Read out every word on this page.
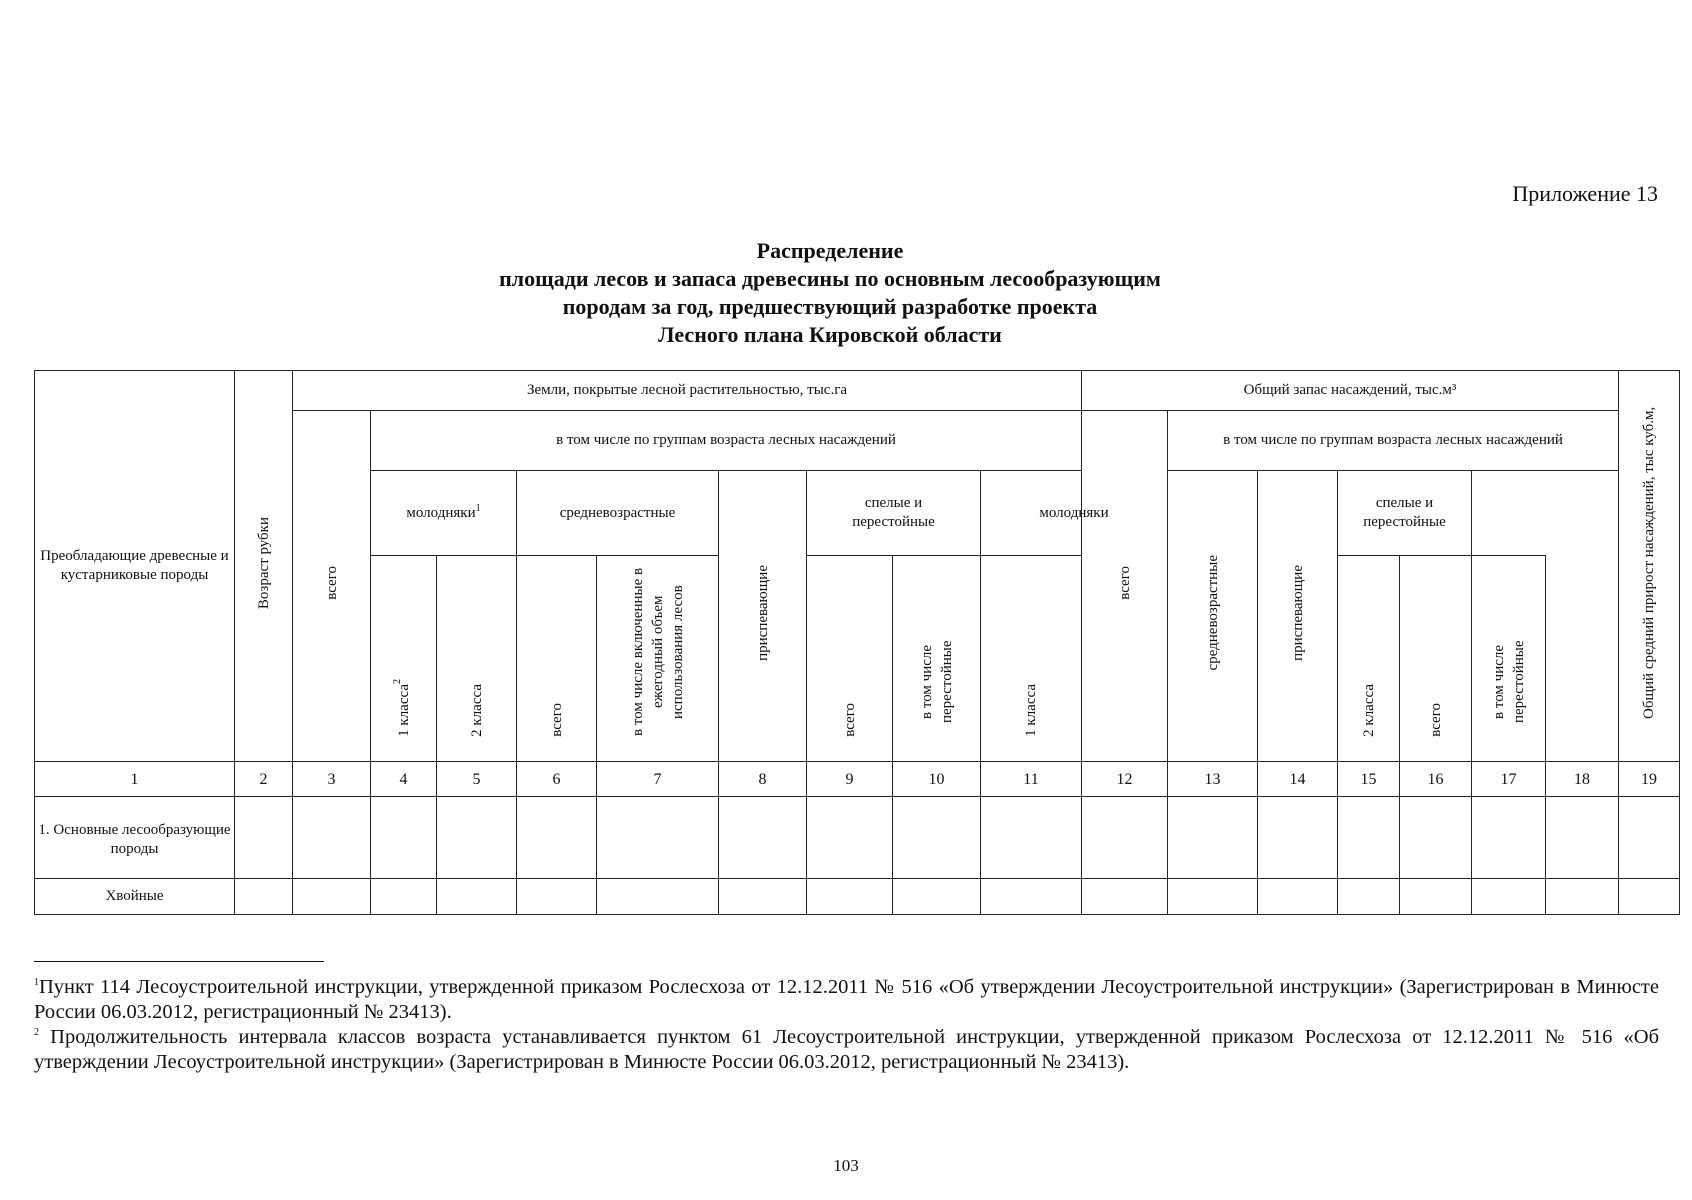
Приложение 13
Распределение
площади лесов и запаса древесины по основным лесообразующим
породам за год, предшествующий разработке проекта
Лесного плана Кировской области
Преобладающие древесные и кустарниковые породы	Возраст рубки	Земли, покрытые лесной растительностью, тыс.га									Общий запас насаждений, тыс.м³							Общий средний прирост насаждений, тыс куб.м,	
		всего	в том числе по группам возраста лесных насаждений								всего	в том числе по группам возраста лесных насаждений							
			молодняки$^1$		средневозрастные		приспевающие	спелые и перестойные		молодняки		средневозрастные	приспевающие	спелые и перестойные					

			1 класса$^2$	2 класса	всего	в том числе включенные в ежегодный объем использования лесов		всего	в том числе перестойные	1 класса				2 класса	всего	в том числе перестойные			
1	2	3	4	5	6	7	8	9	10	11	12	13	14	15	16	17	18	19	
1. Основные лесообразующие породы																			
Хвойные																			

$^1$Пункт 114 Лесоустроительной инструкции, утвержденной приказом Рослесхоза от 12.12.2011 № 516 «Об утверждении Лесоустроительной инструкции» (Зарегистрирован в Минюсте России 06.03.2012, регистрационный № 23413).

$^2$ Продолжительность интервала классов возраста устанавливается пунктом 61 Лесоустроительной инструкции, утвержденной приказом Рослесхоза от 12.12.2011 № 516 «Об утверждении Лесоустроительной инструкции» (Зарегистрирован в Минюсте России 06.03.2012, регистрационный № 23413).

103
